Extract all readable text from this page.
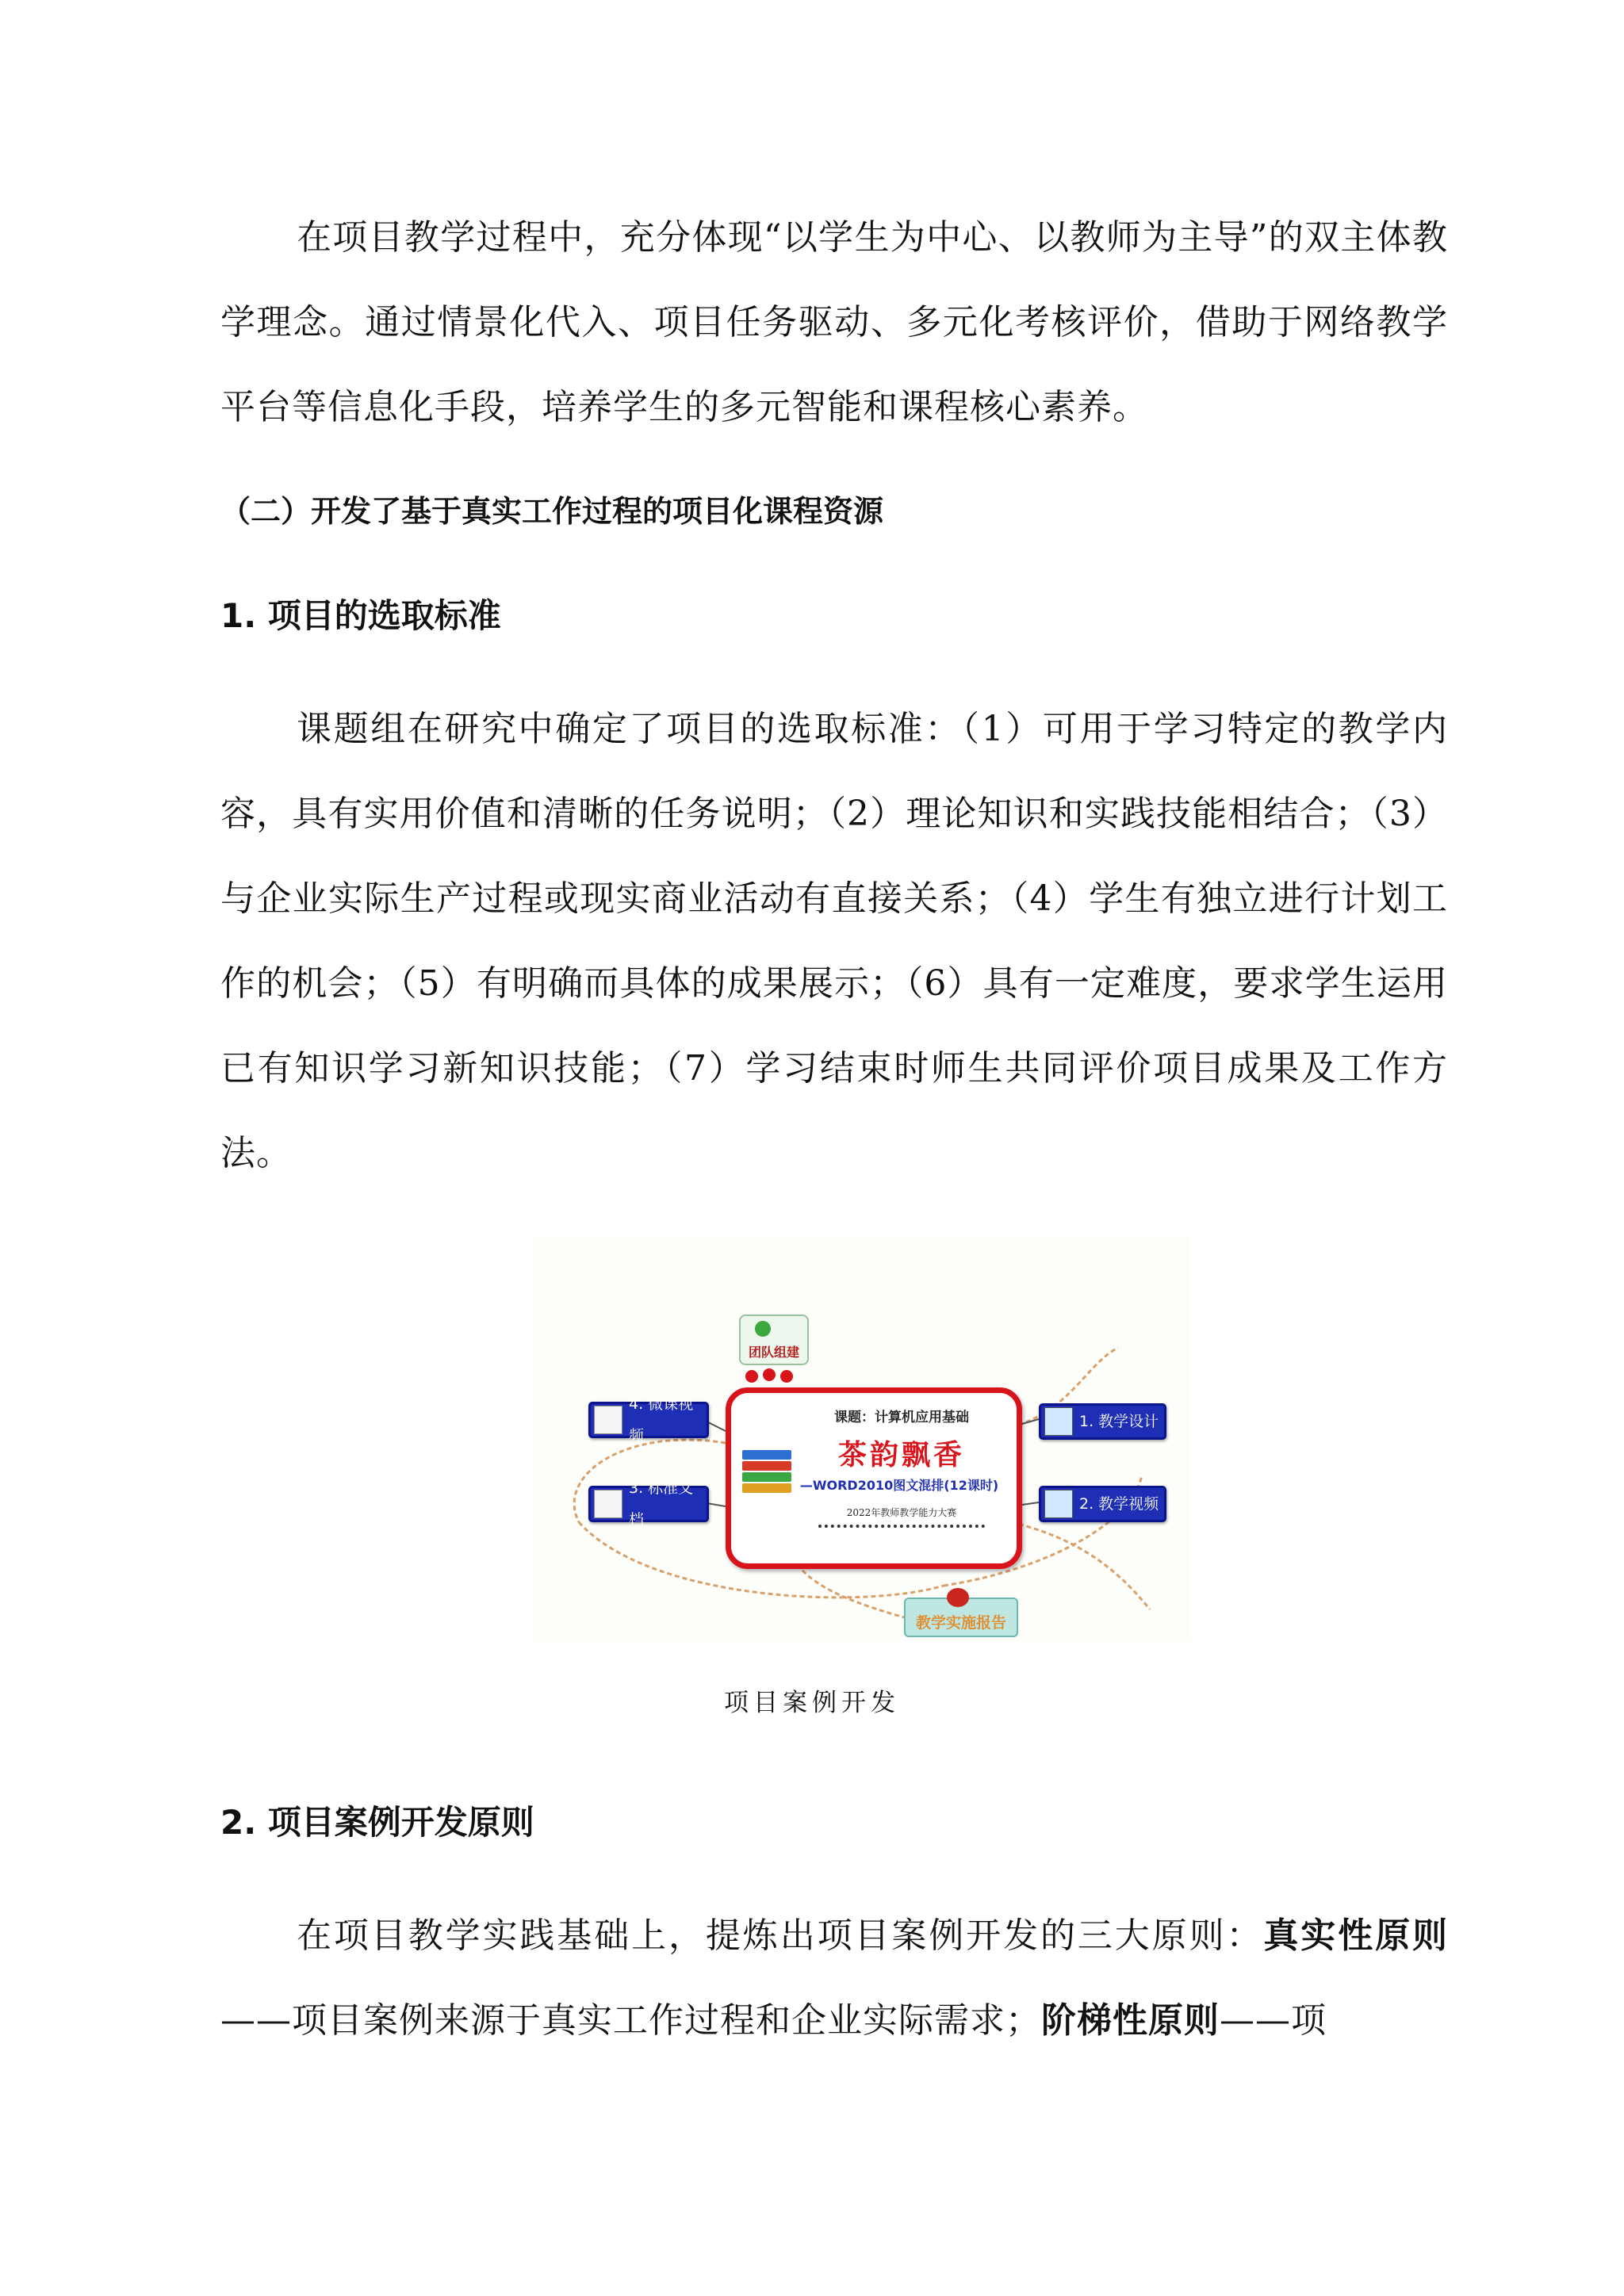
在项目教学过程中，充分体现“以学生为中心、以教师为主导”的双主体教学理念。通过情景化代入、项目任务驱动、多元化考核评价，借助于网络教学平台等信息化手段，培养学生的多元智能和课程核心素养。

（二）开发了基于真实工作过程的项目化课程资源

1. 项目的选取标准

课题组在研究中确定了项目的选取标准：（1）可用于学习特定的教学内容，具有实用价值和清晰的任务说明；（2）理论知识和实践技能相结合；（3）与企业实际生产过程或现实商业活动有直接关系；（4）学生有独立进行计划工作的机会；（5）有明确而具体的成果展示；（6）具有一定难度，要求学生运用已有知识学习新知识技能；（7）学习结束时师生共同评价项目成果及工作方法。

团队组建
4. 微课视频
3. 标准文档
1. 教学设计
2. 教学视频
课题：计算机应用基础
茶韵飘香
—WORD2010图文混排(12课时)
2022年教师教学能力大赛
教学实施报告

项目案例开发

2. 项目案例开发原则

在项目教学实践基础上，提炼出项目案例开发的三大原则：真实性原则——项目案例来源于真实工作过程和企业实际需求；阶梯性原则——项
